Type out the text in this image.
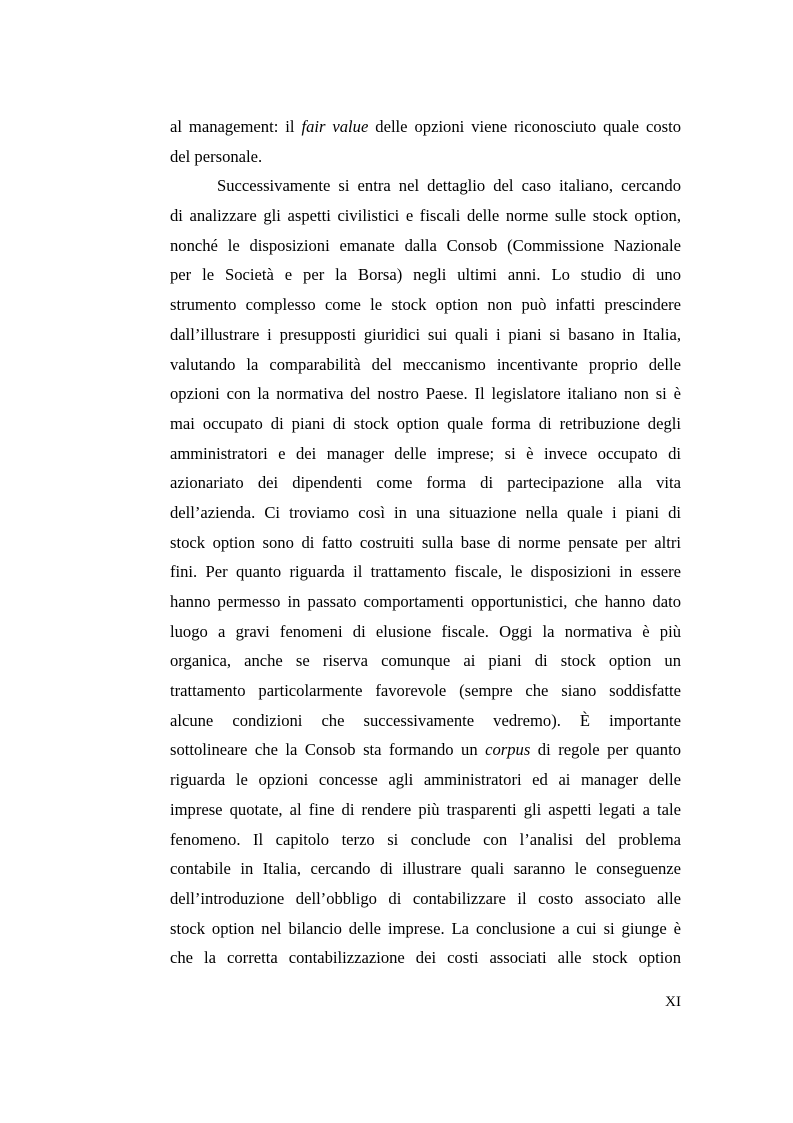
al management: il fair value delle opzioni viene riconosciuto quale costo
del personale.
Successivamente si entra nel dettaglio del caso italiano, cercando
di analizzare gli aspetti civilistici e fiscali delle norme sulle stock option,
nonché le disposizioni emanate dalla Consob (Commissione Nazionale
per le Società e per la Borsa) negli ultimi anni. Lo studio di uno
strumento complesso come le stock option non può infatti prescindere
dall’illustrare i presupposti giuridici sui quali i piani si basano in Italia,
valutando la comparabilità del meccanismo incentivante proprio delle
opzioni con la normativa del nostro Paese. Il legislatore italiano non si è
mai occupato di piani di stock option quale forma di retribuzione degli
amministratori e dei manager delle imprese; si è invece occupato di
azionariato dei dipendenti come forma di partecipazione alla vita
dell’azienda. Ci troviamo così in una situazione nella quale i piani di
stock option sono di fatto costruiti sulla base di norme pensate per altri
fini. Per quanto riguarda il trattamento fiscale, le disposizioni in essere
hanno permesso in passato comportamenti opportunistici, che hanno dato
luogo a gravi fenomeni di elusione fiscale. Oggi la normativa è più
organica, anche se riserva comunque ai piani di stock option un
trattamento particolarmente favorevole (sempre che siano soddisfatte
alcune condizioni che successivamente vedremo). È importante
sottolineare che la Consob sta formando un corpus di regole per quanto
riguarda le opzioni concesse agli amministratori ed ai manager delle
imprese quotate, al fine di rendere più trasparenti gli aspetti legati a tale
fenomeno. Il capitolo terzo si conclude con l’analisi del problema
contabile in Italia, cercando di illustrare quali saranno le conseguenze
dell’introduzione dell’obbligo di contabilizzare il costo associato alle
stock option nel bilancio delle imprese. La conclusione a cui si giunge è
che la corretta contabilizzazione dei costi associati alle stock option
XI
